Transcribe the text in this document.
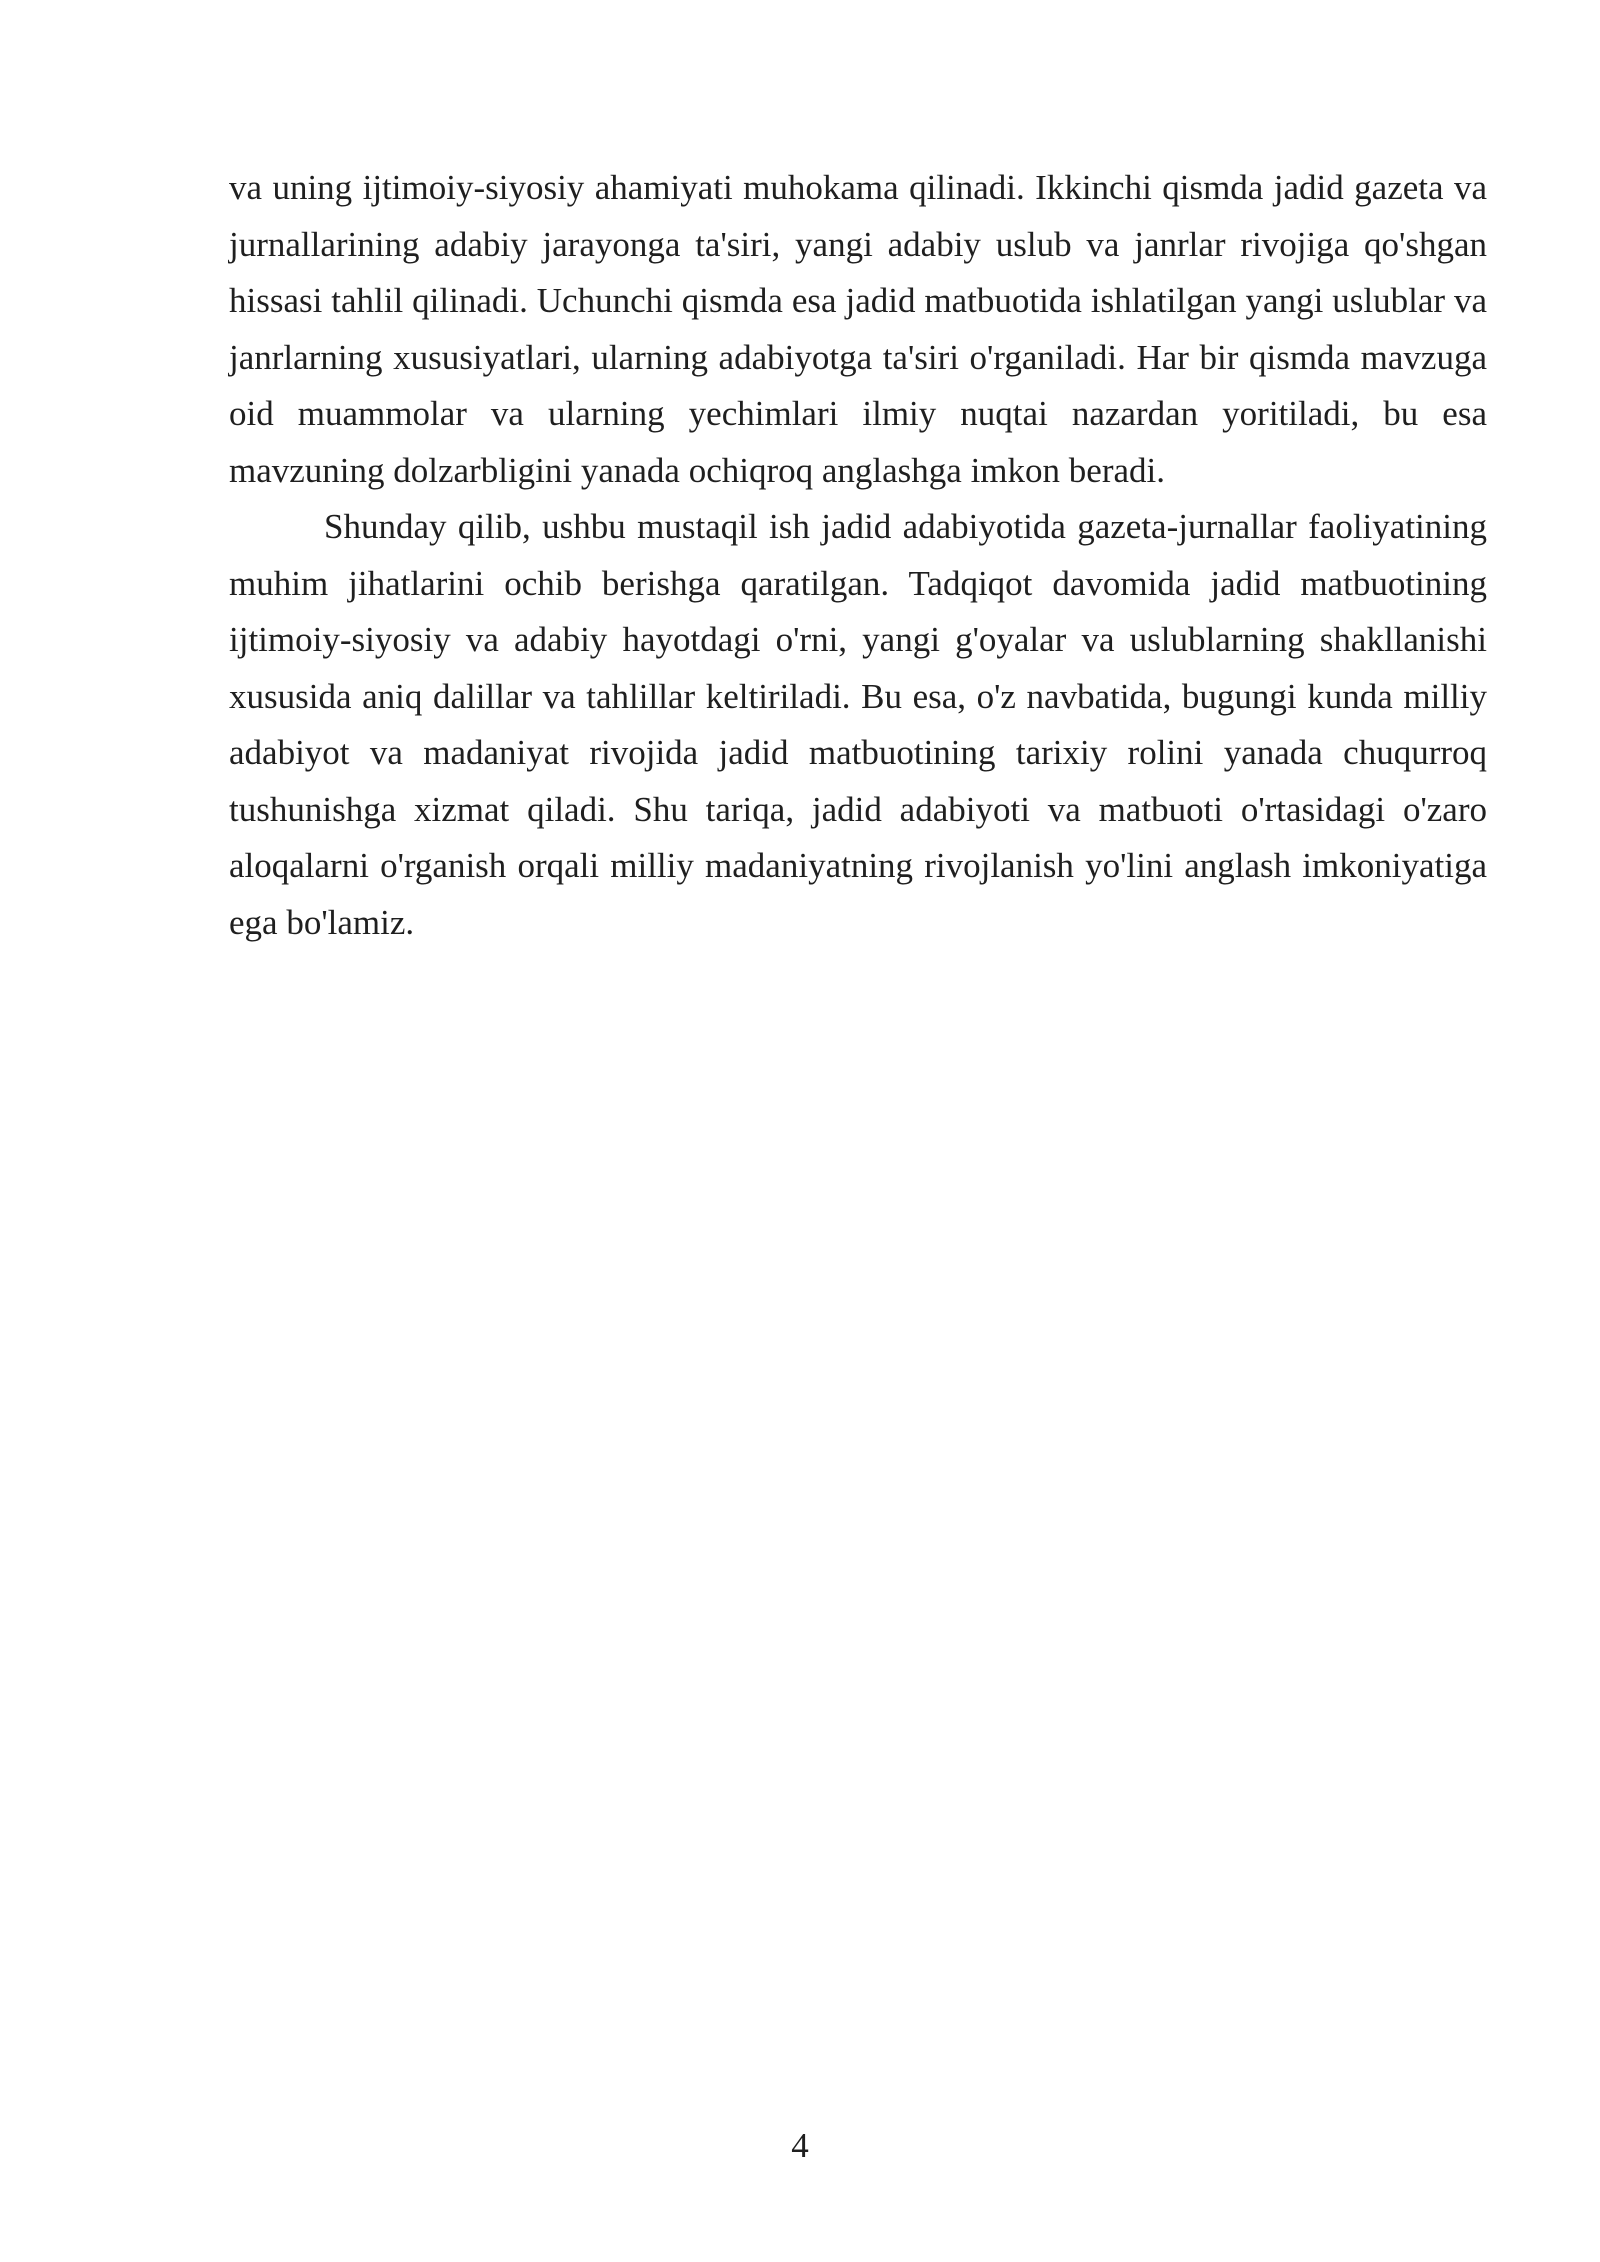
va uning ijtimoiy-siyosiy ahamiyati muhokama qilinadi. Ikkinchi qismda jadid gazeta va jurnallarining adabiy jarayonga ta'siri, yangi adabiy uslub va janrlar rivojiga qo'shgan hissasi tahlil qilinadi. Uchunchi qismda esa jadid matbuotida ishlatilgan yangi uslublar va janrlarning xususiyatlari, ularning adabiyotga ta'siri o'rganiladi. Har bir qismda mavzuga oid muammolar va ularning yechimlari ilmiy nuqtai nazardan yoritiladi, bu esa mavzuning dolzarbligini yanada ochiqroq anglashga imkon beradi.

Shunday qilib, ushbu mustaqil ish jadid adabiyotida gazeta-jurnallar faoliyatining muhim jihatlarini ochib berishga qaratilgan. Tadqiqot davomida jadid matbuotining ijtimoiy-siyosiy va adabiy hayotdagi o'rni, yangi g'oyalar va uslublarning shakllanishi xususida aniq dalillar va tahlillar keltiriladi. Bu esa, o'z navbatida, bugungi kunda milliy adabiyot va madaniyat rivojida jadid matbuotining tarixiy rolini yanada chuqurroq tushunishga xizmat qiladi. Shu tariqa, jadid adabiyoti va matbuoti o'rtasidagi o'zaro aloqalarni o'rganish orqali milliy madaniyatning rivojlanish yo'lini anglash imkoniyatiga ega bo'lamiz.

4
